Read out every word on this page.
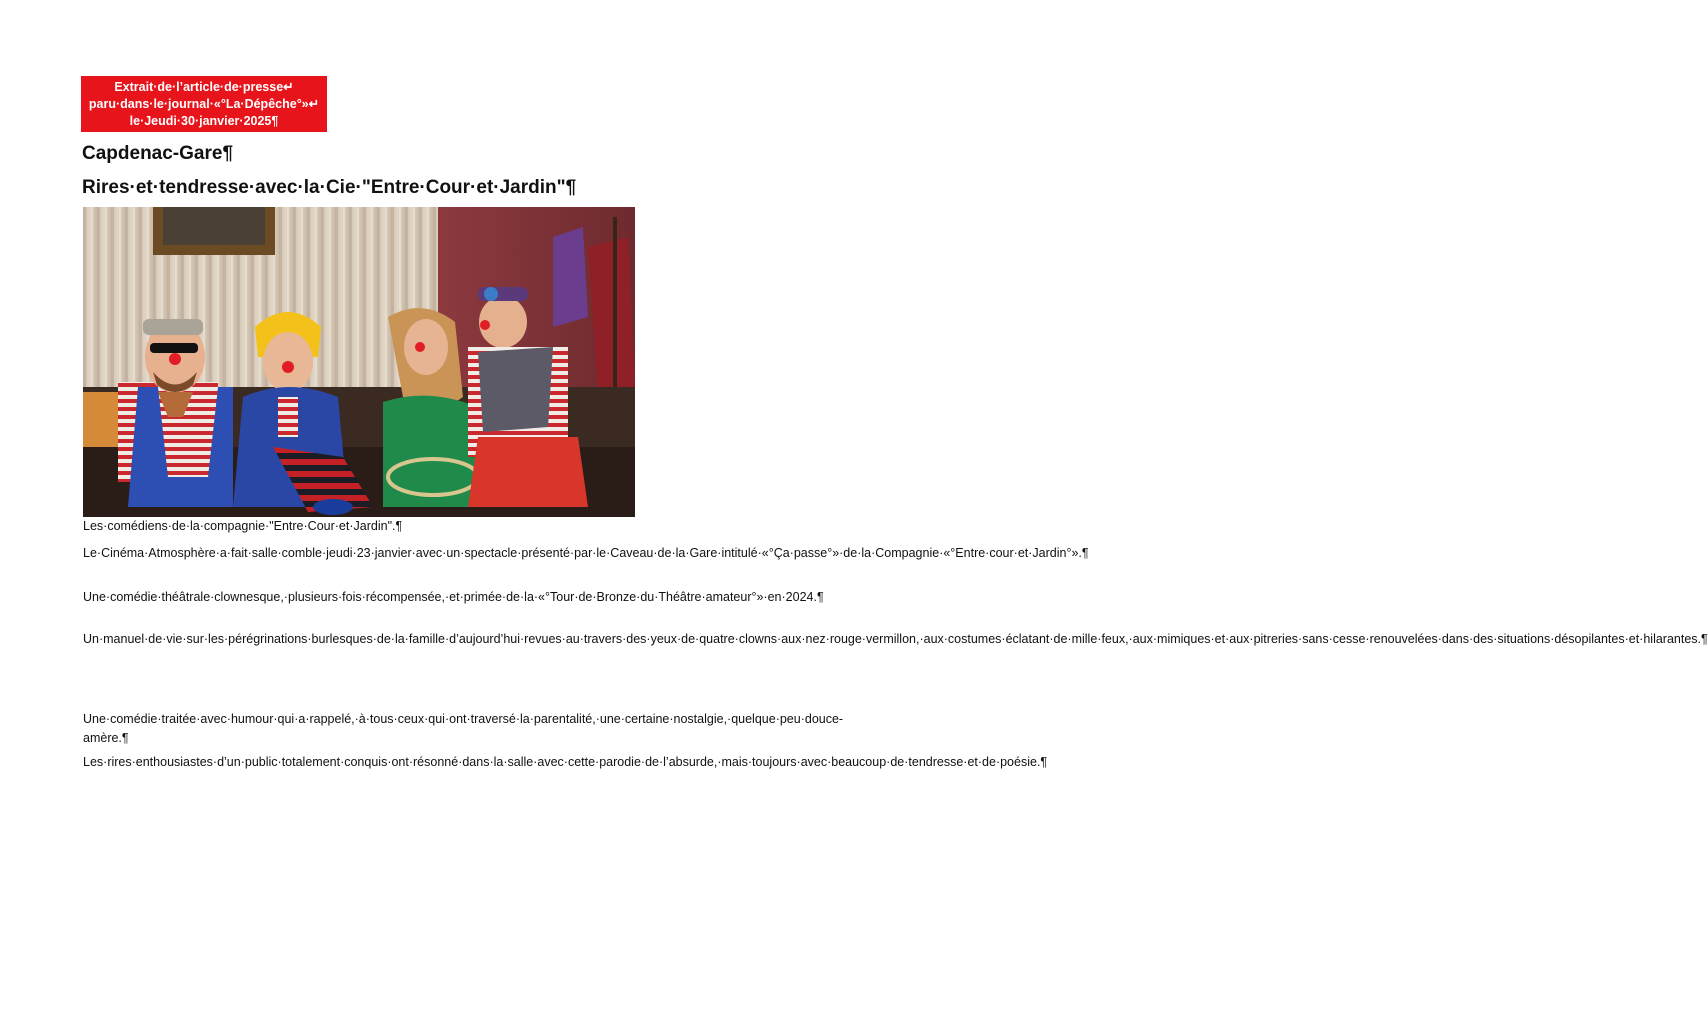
Extrait·de·l’article·de·presse↵
paru·dans·le·journal·«°La·Dépêche°»↵
le·Jeudi·30·janvier·2025¶
Capdenac-Gare¶
Rires·et·tendresse·avec·la·Cie·"Entre·Cour·et·Jardin"¶
Les·comédiens·de·la·compagnie·"Entre·Cour·et·Jardin".¶
Le·Cinéma·Atmosphère·a·fait·salle·comble·jeudi·23·janvier·avec·un·spectacle·présenté·par·le·Caveau·de·la·Gare·intitulé·«°Ça·passe°»·de·la·Compagnie·«°Entre·cour·et·Jardin°».¶
Une·comédie·théâtrale·clownesque,·plusieurs·fois·récompensée,·et·primée·de·la·«°Tour·de·Bronze·du·Théâtre·amateur°»·en·2024.¶
Un·manuel·de·vie·sur·les·pérégrinations·burlesques·de·la·famille·d’aujourd’hui·revues·au·travers·des·yeux·de·quatre·clowns·aux·nez·rouge·vermillon,·aux·costumes·éclatant·de·mille·feux,·aux·mimiques·et·aux·pitreries·sans·cesse·renouvelées·dans·des·situations·désopilantes·et·hilarantes.¶
Une·comédie·traitée·avec·humour·qui·a·rappelé,·à·tous·ceux·qui·ont·traversé·la·parentalité,·une·certaine·nostalgie,·quelque·peu·douce-amère.¶
Les·rires·enthousiastes·d’un·public·totalement·conquis·ont·résonné·dans·la·salle·avec·cette·parodie·de·l’absurde,·mais·toujours·avec·beaucoup·de·tendresse·et·de·poésie.¶
